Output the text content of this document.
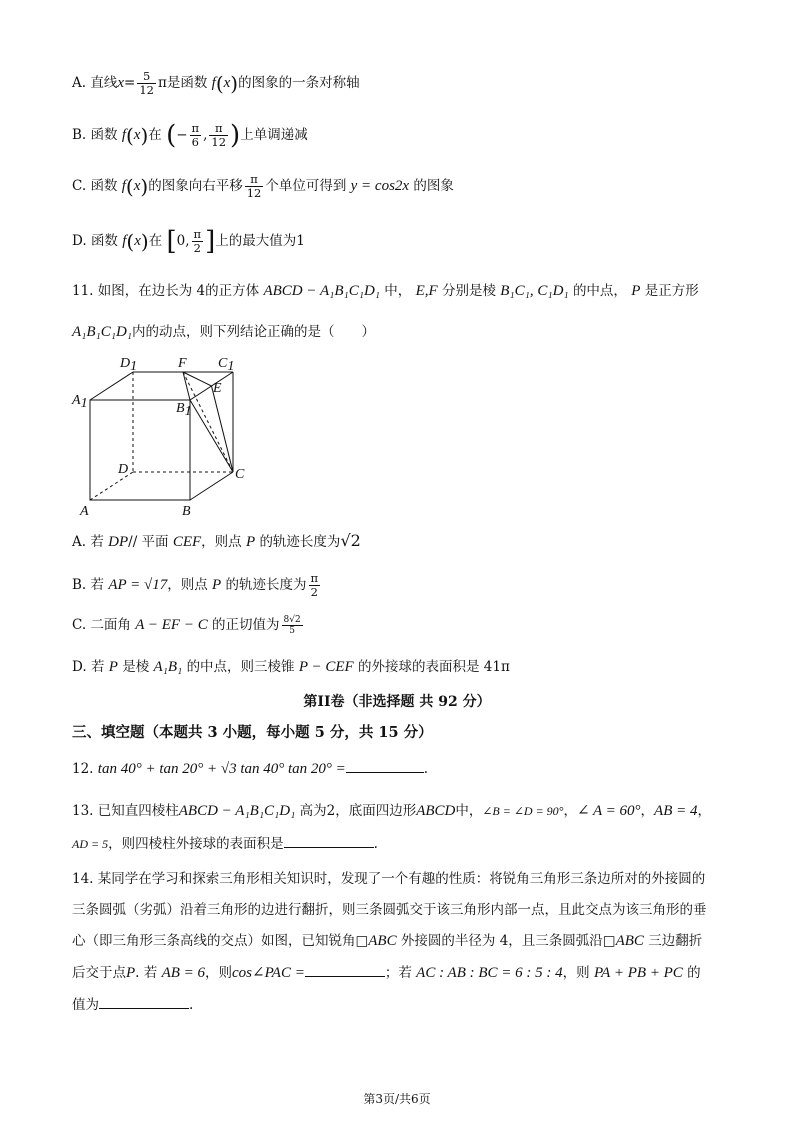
A. 直线$x= \frac{5}{12}$ π是函数 f(x)的图象的一条对称轴
B. 函数 f(x)在 (− $\frac{\pi}{6}$ , $\frac{\pi}{12}$ )上单调递减
C. 函数 f(x)的图象向右平移 $\frac{\pi}{12}$ 个单位可得到 y = cos2x 的图象
D. 函数 f(x)在 [0, $\frac{\pi}{2}$ ]上的最大值为1
11. 如图，在边长为 4的正方体 ABCD − A₁B₁C₁D₁ 中， E,F 分别是棱 B₁C₁, C₁D₁ 的中点， P 是正方形
A₁B₁C₁D₁内的动点，则下列结论正确的是（　　）
D1	F C1
E
A1	B1
D	C
A	B
A. 若 DP// 平面 CEF，则点 P 的轨迹长度为√2
B. 若 AP = √17，则点 P 的轨迹长度为 $\frac{\pi}{2}$
C. 二面角 A − EF − C 的正切值为 $\frac{8√2}{5}$
D. 若 P 是棱 A₁B₁ 的中点，则三棱锥 P − CEF 的外接球的表面积是 41π
第II卷（非选择题 共 92 分）
三、填空题（本题共 3 小题，每小题 5 分，共 15 分）
12. tan 40° + tan 20° + √3 tan 40° tan 20° =	.
13. 已知直四棱柱ABCD − A₁B₁C₁D₁ 高为2，底面四边形ABCD中，∠B = ∠D = 90°，∠ A = 60°，AB = 4，
AD = 5，则四棱柱外接球的表面积是	.
14. 某同学在学习和探索三角形相关知识时，发现了一个有趣的性质：将锐角三角形三条边所对的外接圆的
三条圆弧（劣弧）沿着三角形的边进行翻折，则三条圆弧交于该三角形内部一点，且此交点为该三角形的垂
心（即三角形三条高线的交点）如图，已知锐角□ABC 外接圆的半径为 4，且三条圆弧沿□ABC 三边翻折
后交于点P. 若 AB = 6，则cos∠PAC =	；若 AC : AB : BC = 6 : 5 : 4，则 PA + PB + PC 的
值为	.
第3页/共6页
